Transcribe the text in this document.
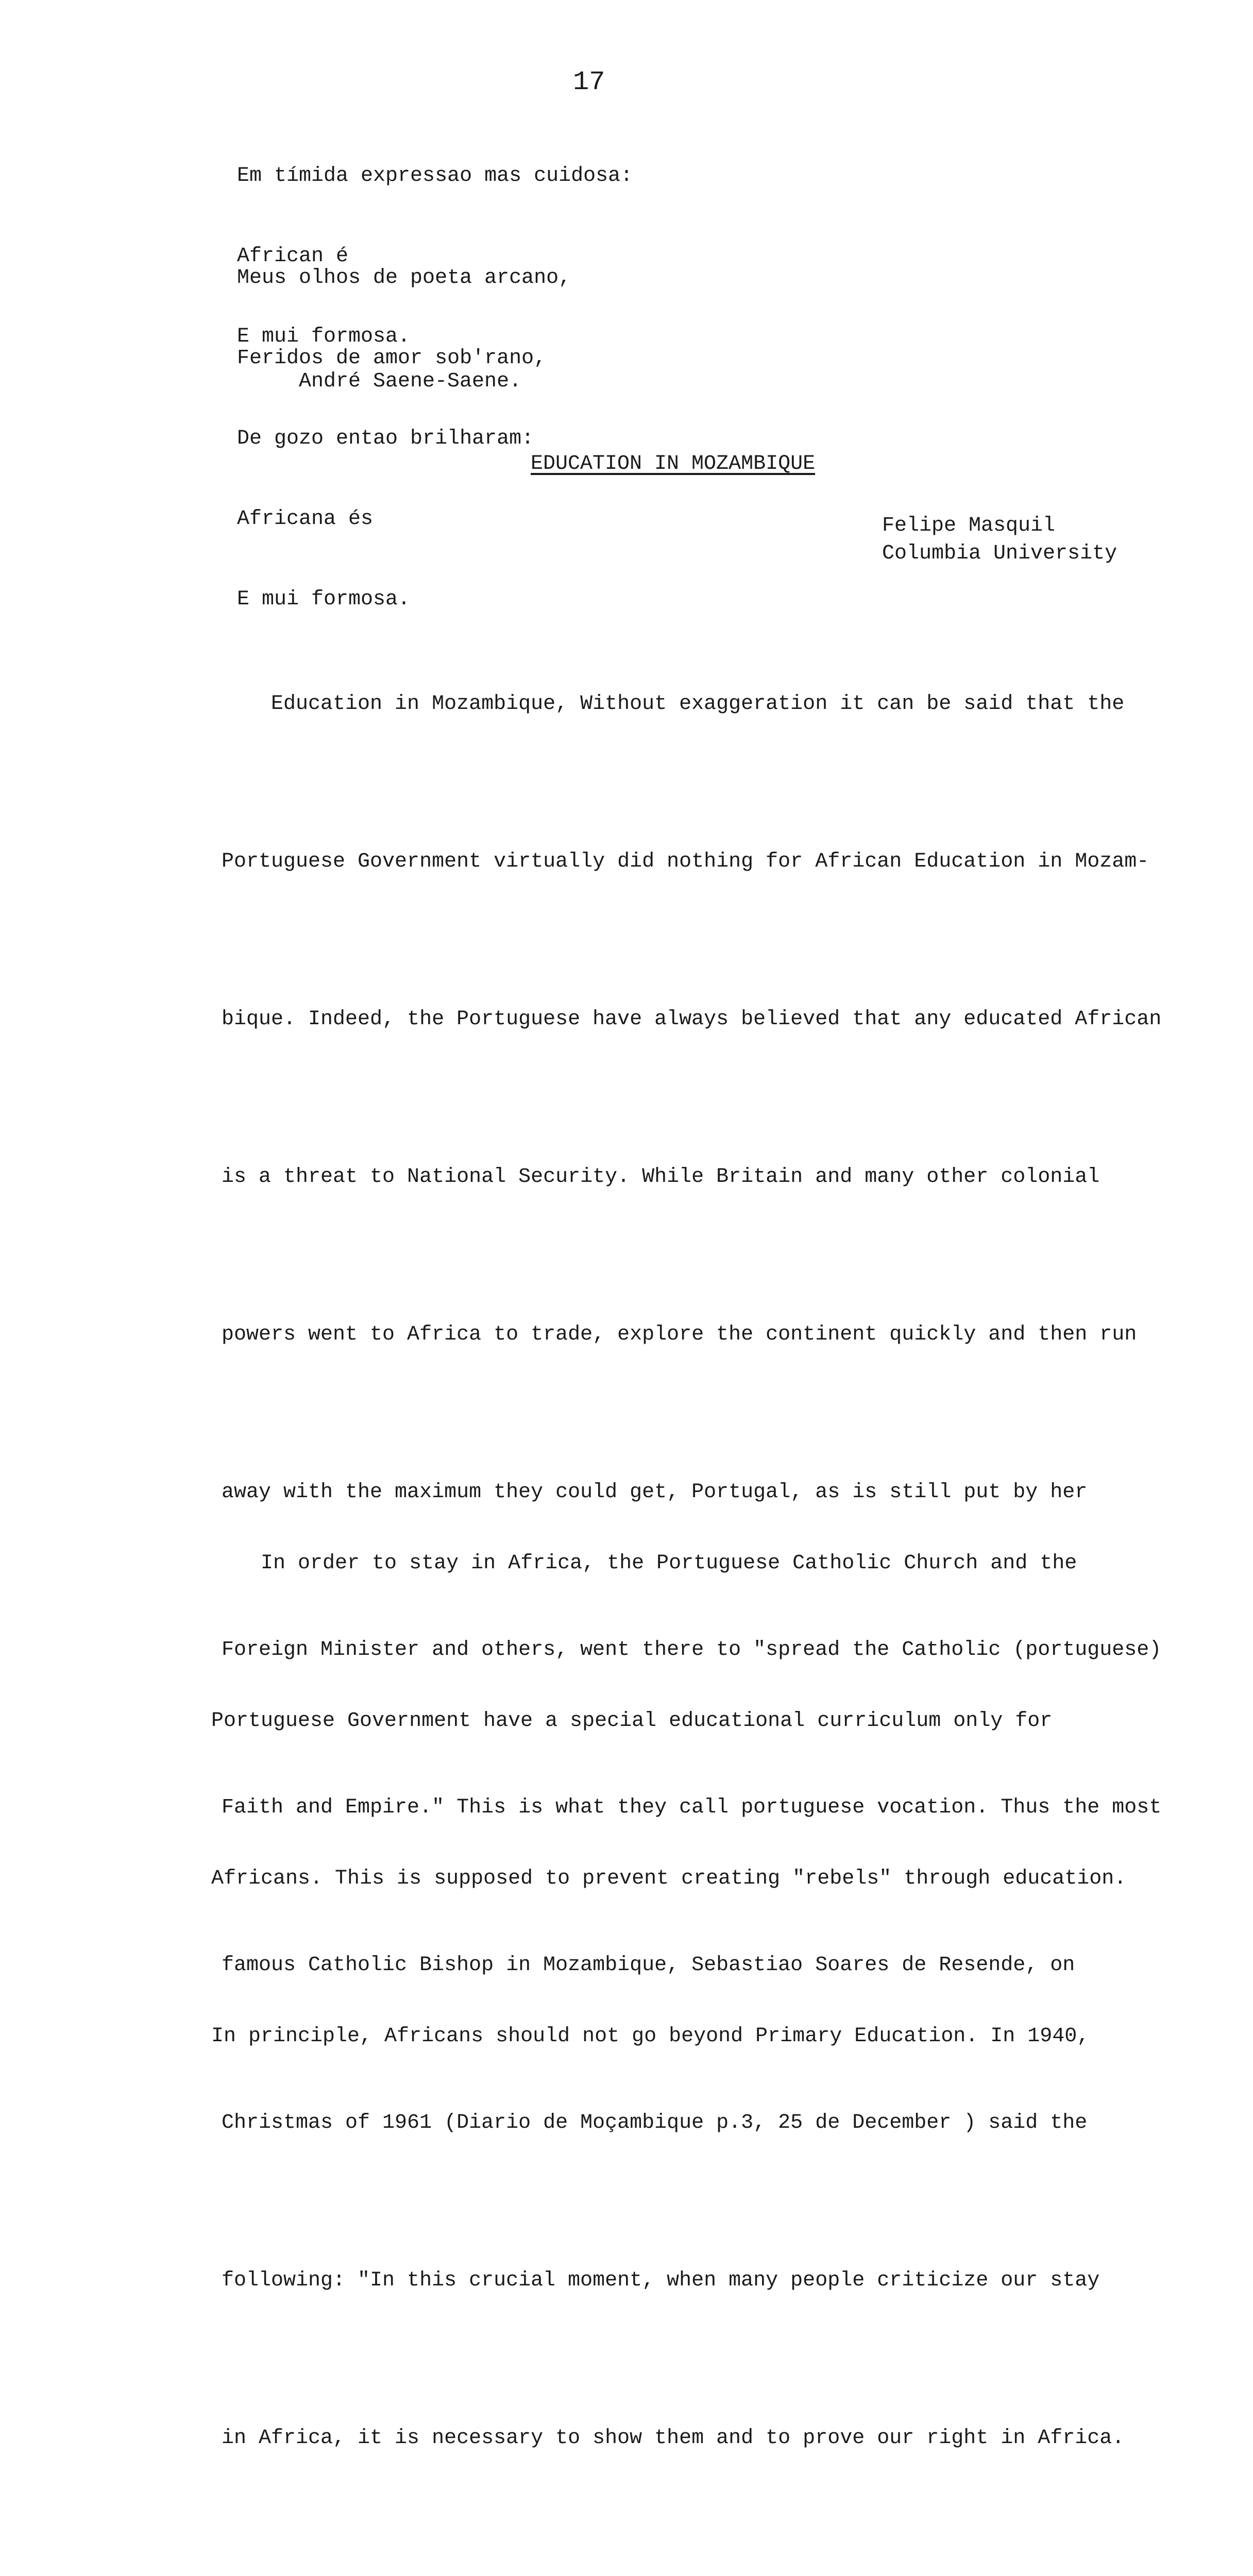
17

Em tímida expressao mas cuidosa:

African é

E mui formosa.

Meus olhos de poeta arcano,

Feridos de amor sob'rano,

De gozo entao brilharam:

Africana és

E mui formosa.

André Saene-Saene.
EDUCATION IN MOZAMBIQUE
Felipe Masquil
Columbia University

Education in Mozambique, Without exaggeration it can be said that the

Portuguese Government virtually did nothing for African Education in Mozam-

bique. Indeed, the Portuguese have always believed that any educated African

is a threat to National Security. While Britain and many other colonial

powers went to Africa to trade, explore the continent quickly and then run

away with the maximum they could get, Portugal, as is still put by her

Foreign Minister and others, went there to "spread the Catholic (portuguese)

Faith and Empire." This is what they call portuguese vocation. Thus the most

famous Catholic Bishop in Mozambique, Sebastiao Soares de Resende, on

Christmas of 1961 (Diario de Moçambique p.3, 25 de December ) said the

following: "In this crucial moment, when many people criticize our stay

in Africa, it is necessary to show them and to prove our right in Africa.

In order to stay in Africa, the Portuguese Catholic Church and the

Portuguese Government have a special educational curriculum only for

Africans. This is supposed to prevent creating "rebels" through education.

In principle, Africans should not go beyond Primary Education. In 1940,
